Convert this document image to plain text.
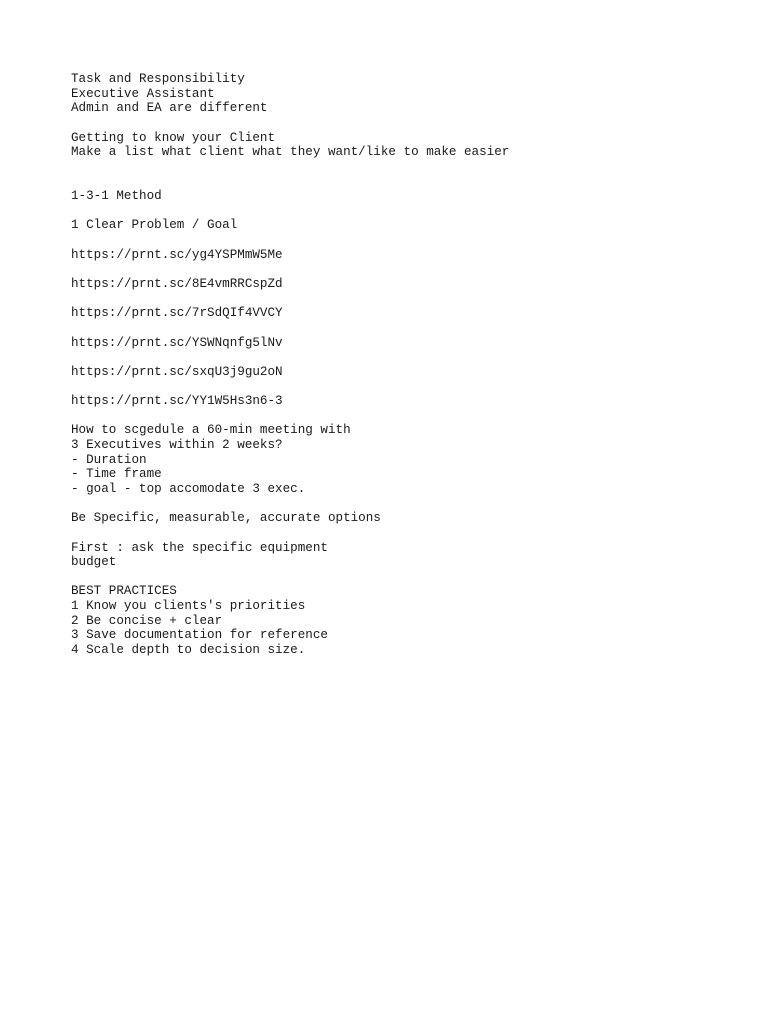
Task and Responsibility
Executive Assistant
Admin and EA are different
Getting to know your Client
Make a list what client what they want/like to make easier
1-3-1 Method
1 Clear Problem / Goal
https://prnt.sc/yg4YSPMmW5Me
https://prnt.sc/8E4vmRRCspZd
https://prnt.sc/7rSdQIf4VVCY
https://prnt.sc/YSWNqnfg5lNv
https://prnt.sc/sxqU3j9gu2oN
https://prnt.sc/YY1W5Hs3n6-3
How to scgedule a 60-min meeting with
3 Executives within 2 weeks?
- Duration
- Time frame
- goal - top accomodate 3 exec.
Be Specific, measurable, accurate options
First : ask the specific equipment
budget
BEST PRACTICES
1 Know you clients's priorities
2 Be concise + clear
3 Save documentation for reference
4 Scale depth to decision size.
